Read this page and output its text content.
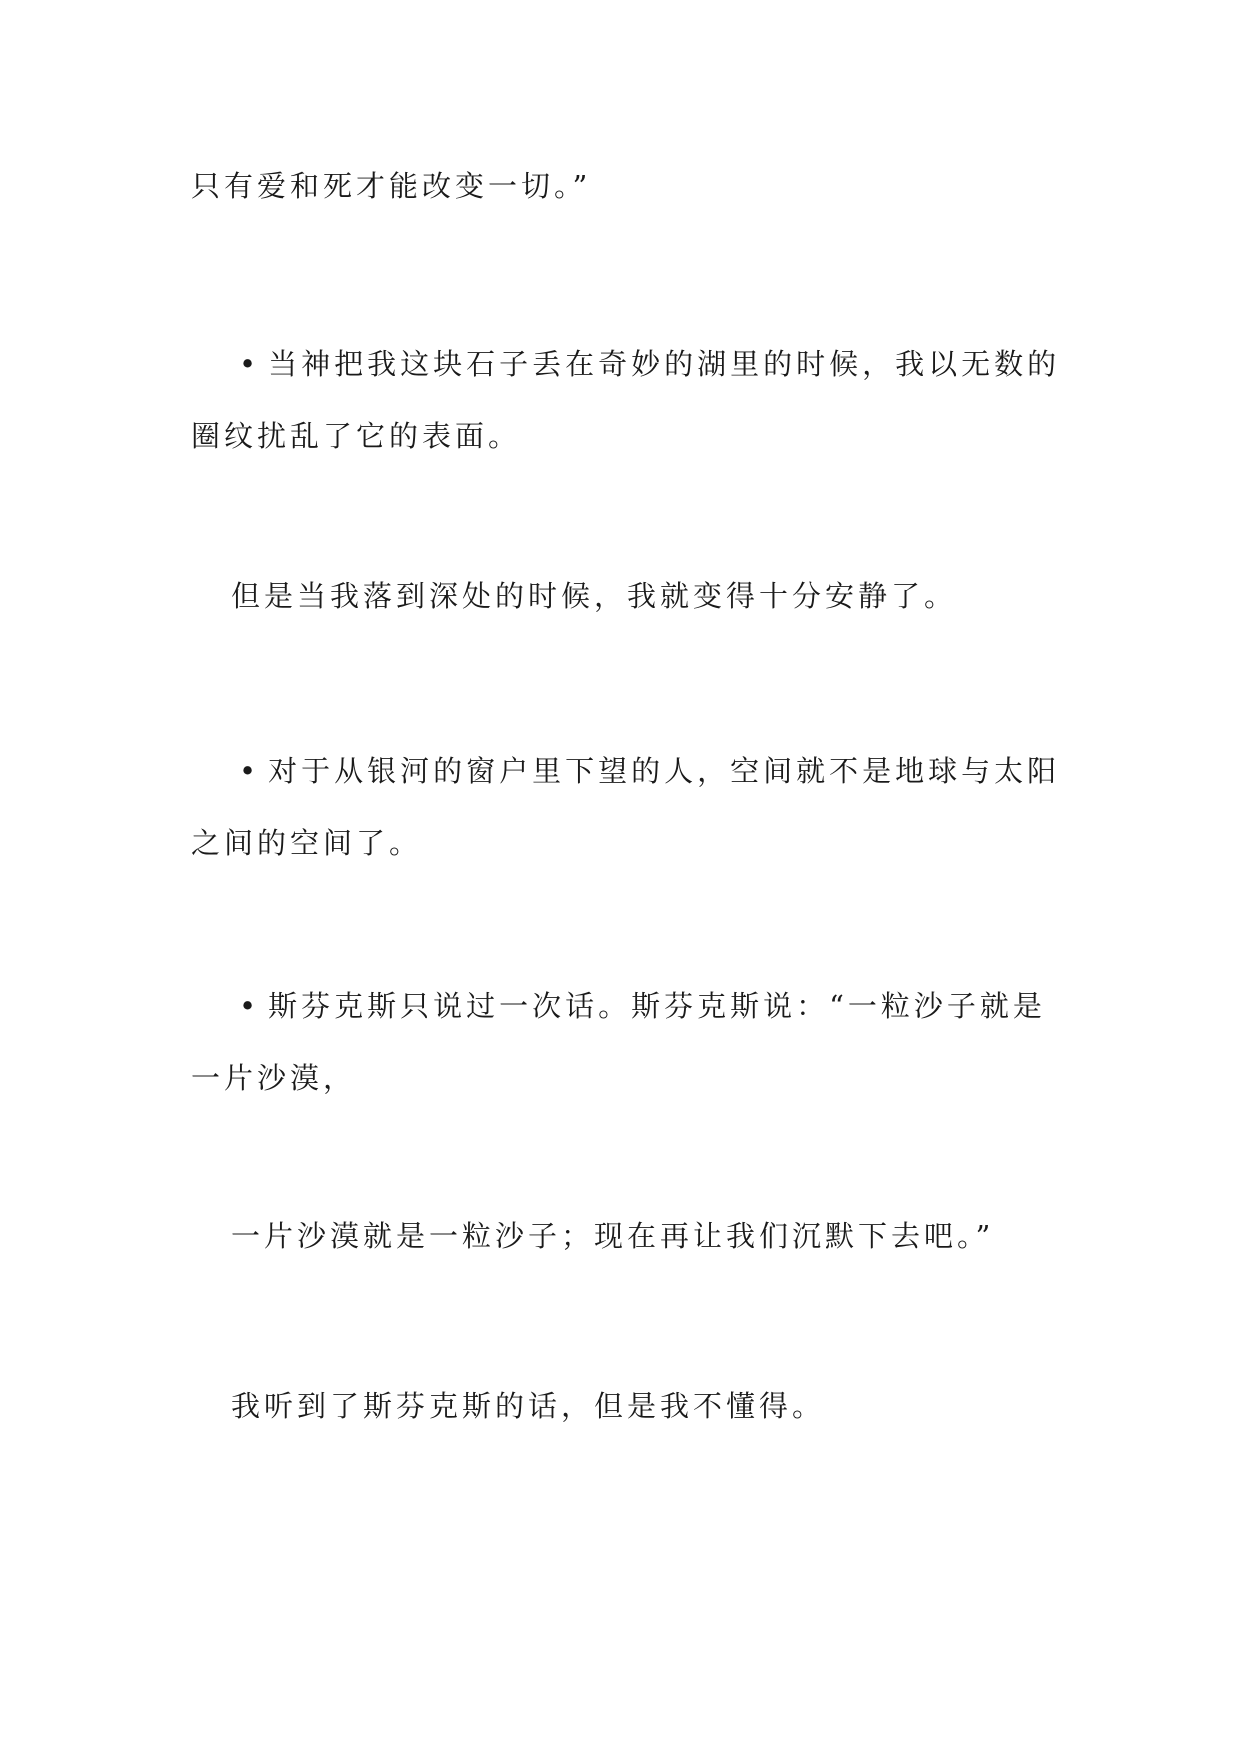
只有爱和死才能改变一切。”

• 当神把我这块石子丢在奇妙的湖里的时候，我以无数的
圈纹扰乱了它的表面。

但是当我落到深处的时候，我就变得十分安静了。

• 对于从银河的窗户里下望的人，空间就不是地球与太阳
之间的空间了。

• 斯芬克斯只说过一次话。斯芬克斯说：“一粒沙子就是
一片沙漠，

一片沙漠就是一粒沙子；现在再让我们沉默下去吧。”

我听到了斯芬克斯的话，但是我不懂得。
